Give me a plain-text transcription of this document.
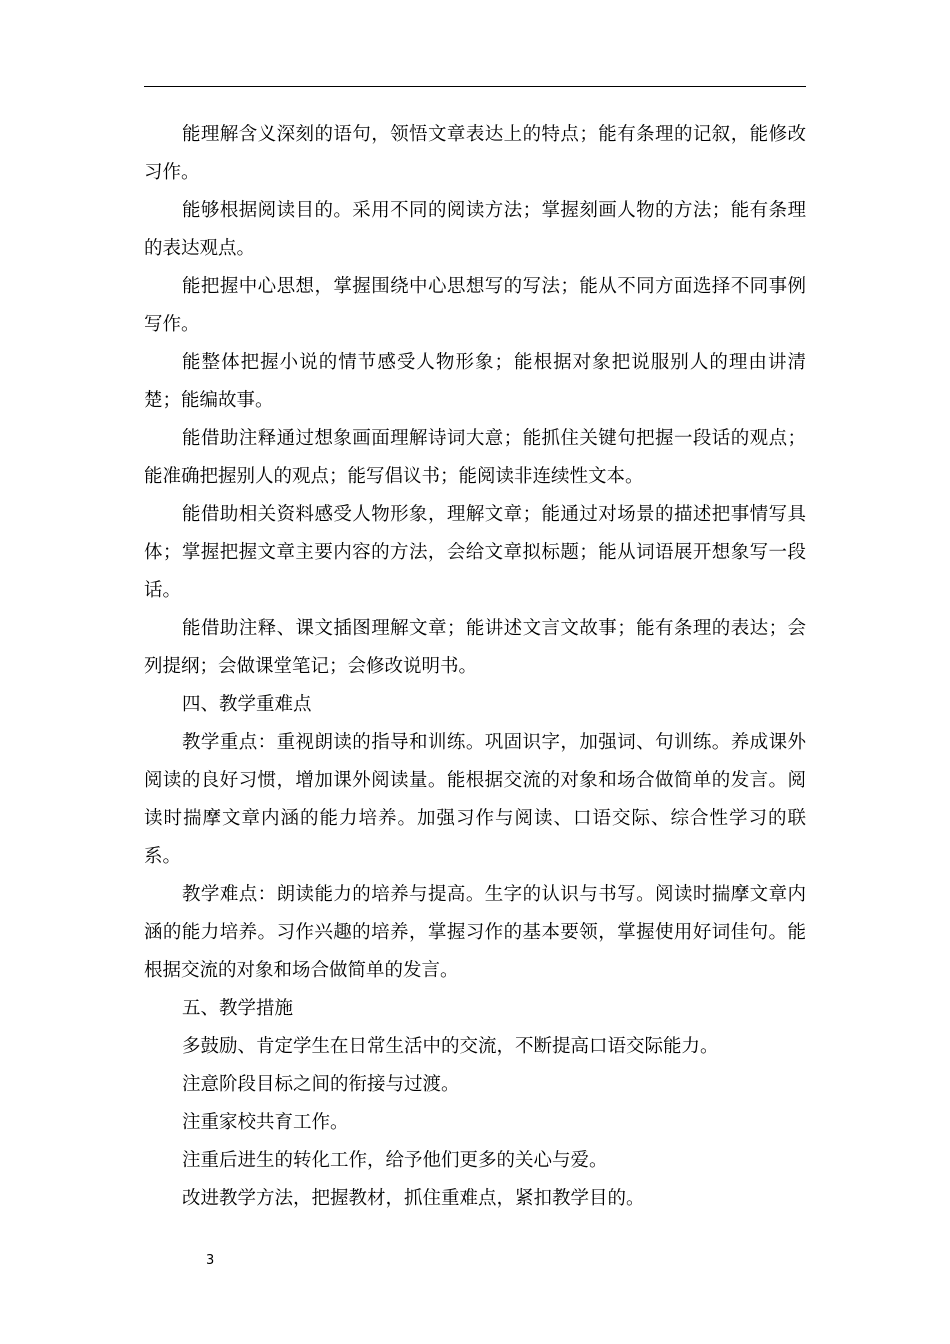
能理解含义深刻的语句，领悟文章表达上的特点；能有条理的记叙，能修改习作。

能够根据阅读目的。采用不同的阅读方法；掌握刻画人物的方法；能有条理的表达观点。

能把握中心思想，掌握围绕中心思想写的写法；能从不同方面选择不同事例写作。

能整体把握小说的情节感受人物形象；能根据对象把说服别人的理由讲清楚；能编故事。

能借助注释通过想象画面理解诗词大意；能抓住关键句把握一段话的观点；能准确把握别人的观点；能写倡议书；能阅读非连续性文本。

能借助相关资料感受人物形象，理解文章；能通过对场景的描述把事情写具体；掌握把握文章主要内容的方法，会给文章拟标题；能从词语展开想象写一段话。

能借助注释、课文插图理解文章；能讲述文言文故事；能有条理的表达；会列提纲；会做课堂笔记；会修改说明书。

四、教学重难点

教学重点：重视朗读的指导和训练。巩固识字，加强词、句训练。养成课外阅读的良好习惯，增加课外阅读量。能根据交流的对象和场合做简单的发言。阅读时揣摩文章内涵的能力培养。加强习作与阅读、口语交际、综合性学习的联系。

教学难点：朗读能力的培养与提高。生字的认识与书写。阅读时揣摩文章内涵的能力培养。习作兴趣的培养，掌握习作的基本要领，掌握使用好词佳句。能根据交流的对象和场合做简单的发言。

五、教学措施

多鼓励、肯定学生在日常生活中的交流，不断提高口语交际能力。

注意阶段目标之间的衔接与过渡。

注重家校共育工作。

注重后进生的转化工作，给予他们更多的关心与爱。

改进教学方法，把握教材，抓住重难点，紧扣教学目的。

3
